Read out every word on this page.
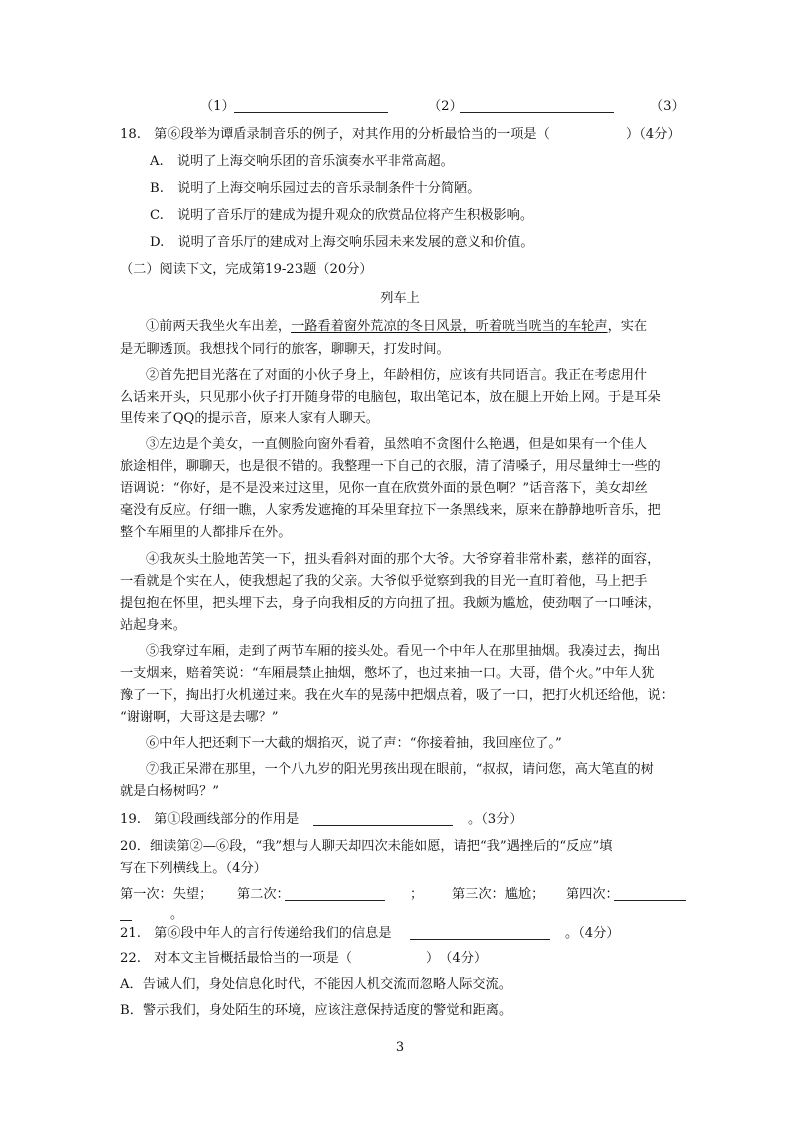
（1）	（2）	（3）
18.　第⑥段举为谭盾录制音乐的例子，对其作用的分析最恰当的一项是（	）（4分）
A.　说明了上海交响乐团的音乐演奏水平非常高超。
B.　说明了上海交响乐园过去的音乐录制条件十分简陋。
C.　说明了音乐厅的建成为提升观众的欣赏品位将产生积极影响。
D.　说明了音乐厅的建成对上海交响乐园未来发展的意义和价值。
（二）阅读下文，完成第19-23题（20分）
列车上
①前两天我坐火车出差，一路看着窗外荒凉的冬日风景，听着咣当咣当的车轮声，实在
是无聊透顶。我想找个同行的旅客，聊聊天，打发时间。
②首先把目光落在了对面的小伙子身上，年龄相仿，应该有共同语言。我正在考虑用什
么话来开头，只见那小伙子打开随身带的电脑包，取出笔记本，放在腿上开始上网。于是耳朵
里传来了QQ的提示音，原来人家有人聊天。
③左边是个美女，一直侧脸向窗外看着，虽然咱不贪图什么艳遇，但是如果有一个佳人
旅途相伴，聊聊天，也是很不错的。我整理一下自己的衣服，清了清嗓子，用尽量绅士一些的
语调说：“你好，是不是没来过这里，见你一直在欣赏外面的景色啊？”话音落下，美女却丝
毫没有反应。仔细一瞧，人家秀发遮掩的耳朵里耷拉下一条黑线来，原来在静静地听音乐，把
整个车厢里的人都排斥在外。
④我灰头土脸地苦笑一下，扭头看斜对面的那个大爷。大爷穿着非常朴素，慈祥的面容，
一看就是个实在人，使我想起了我的父亲。大爷似乎觉察到我的目光一直盯着他，马上把手
提包抱在怀里，把头埋下去，身子向我相反的方向扭了扭。我颇为尴尬，使劲咽了一口唾沫，
站起身来。
⑤我穿过车厢，走到了两节车厢的接头处。看见一个中年人在那里抽烟。我凑过去，掏出
一支烟来，赔着笑说：“车厢晨禁止抽烟，憋坏了，也过来抽一口。大哥，借个火。”中年人犹
豫了一下，掏出打火机递过来。我在火车的晃荡中把烟点着，吸了一口，把打火机还给他，说：
“谢谢啊，大哥这是去哪？”
⑥中年人把还剩下一大截的烟掐灭，说了声：“你接着抽，我回座位了。”
⑦我正呆滞在那里，一个八九岁的阳光男孩出现在眼前，“叔叔，请问您，高大笔直的树
就是白杨树吗？”
19.　第①段画线部分的作用是	。（3分）
20．细读第②—⑥段，“我”想与人聊天却四次未能如愿，请把“我”遇挫后的“反应”填
写在下列横线上。（4分）
第一次：失望； 第二次：	； 第三次：尴尬； 第四次：
。
21.　第⑥段中年人的言行传递给我们的信息是	。（4分）
22.　对本文主旨概括最恰当的一项是（	）　（4分）
A．告诫人们，身处信息化时代，不能因人机交流而忽略人际交流。
B．警示我们，身处陌生的环境，应该注意保持适度的警觉和距离。
3
